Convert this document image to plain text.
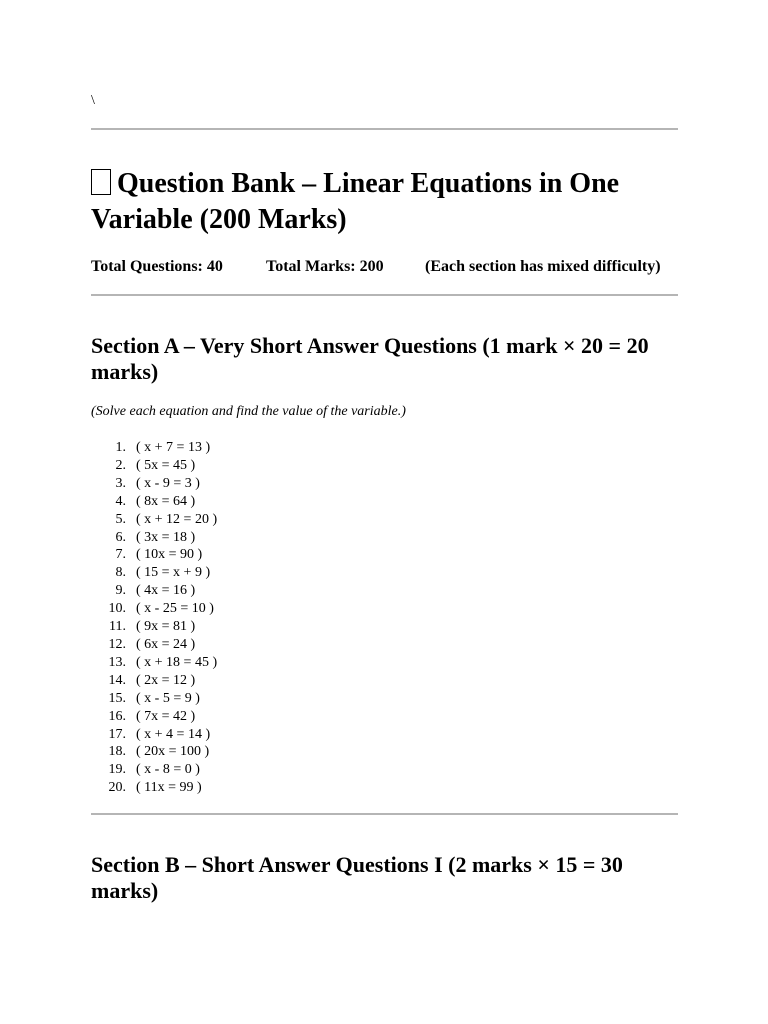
\
Question Bank – Linear Equations in One Variable (200 Marks)
Total Questions: 40	Total Marks: 200	(Each section has mixed difficulty)
Section A – Very Short Answer Questions (1 mark × 20 = 20 marks)

(Solve each equation and find the value of the variable.)

1. ( x + 7 = 13 )
2. ( 5x = 45 )
3. ( x - 9 = 3 )
4. ( 8x = 64 )
5. ( x + 12 = 20 )
6. ( 3x = 18 )
7. ( 10x = 90 )
8. ( 15 = x + 9 )
9. ( 4x = 16 )
10. ( x - 25 = 10 )
11. ( 9x = 81 )
12. ( 6x = 24 )
13. ( x + 18 = 45 )
14. ( 2x = 12 )
15. ( x - 5 = 9 )
16. ( 7x = 42 )
17. ( x + 4 = 14 )
18. ( 20x = 100 )
19. ( x - 8 = 0 )
20. ( 11x = 99 )
Section B – Short Answer Questions I (2 marks × 15 = 30 marks)
